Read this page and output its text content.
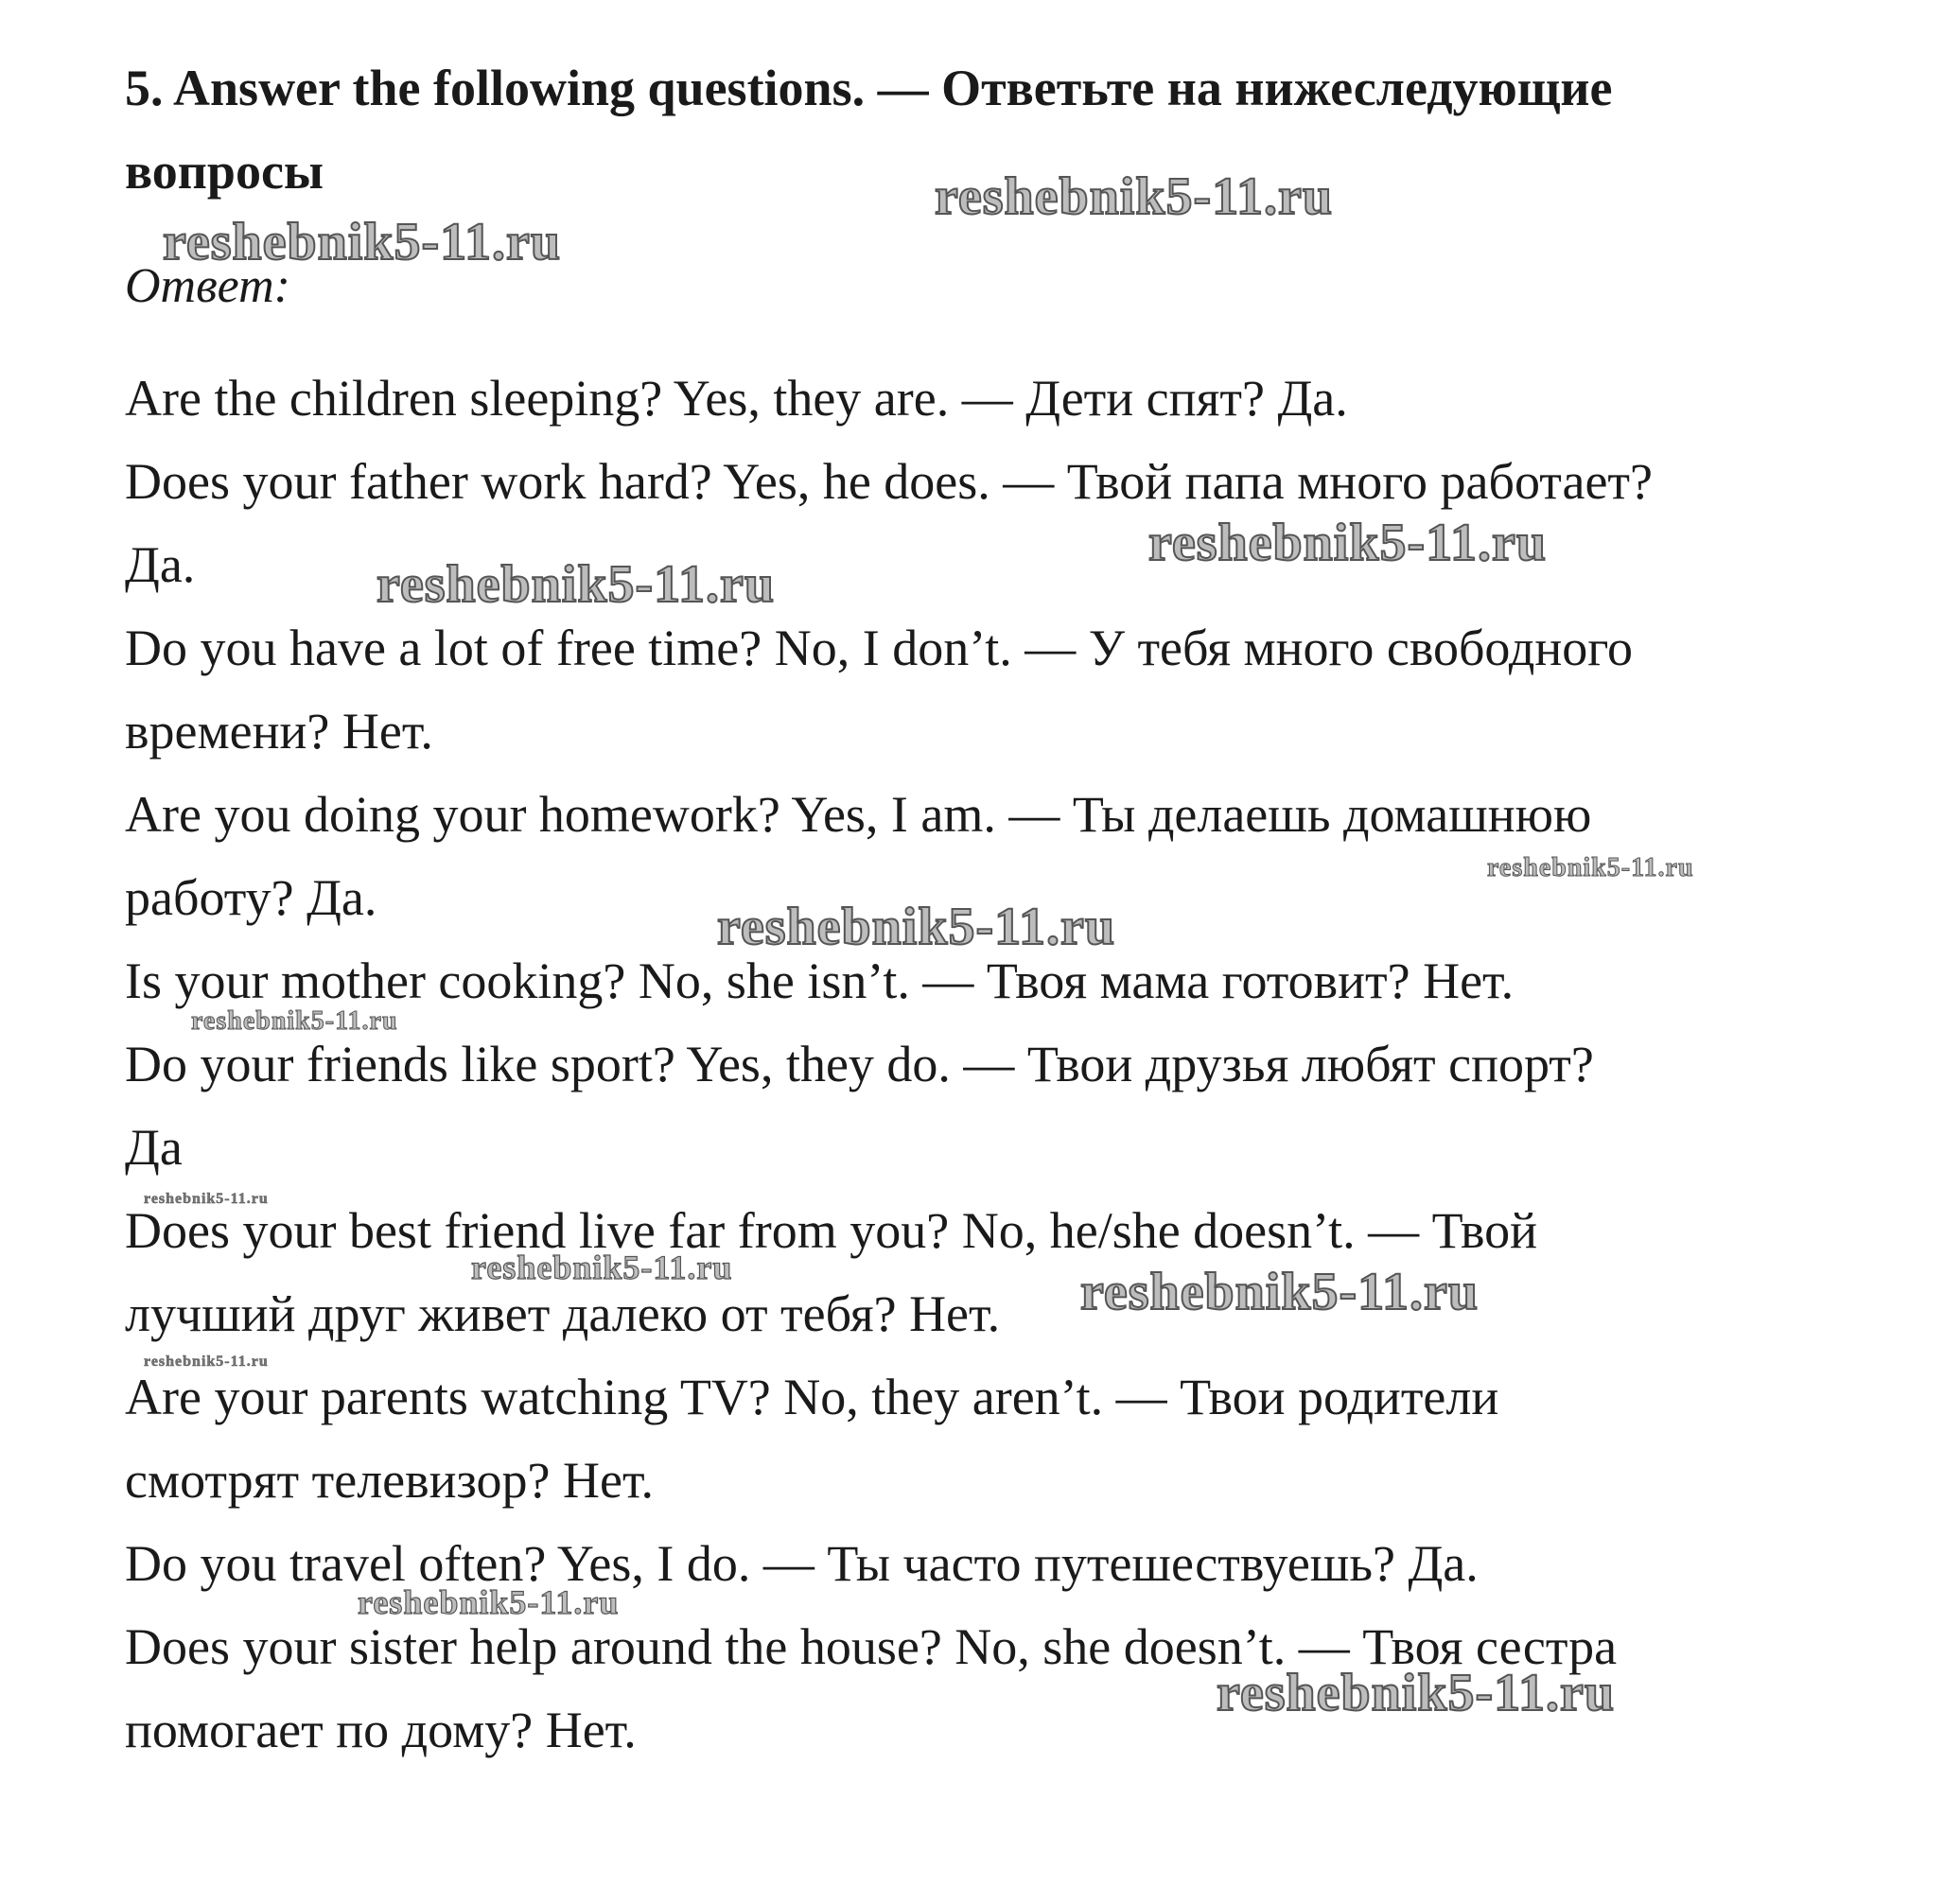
5. Answer the following questions. — Ответьте на нижеследующие
вопросы
Ответ:
Are the children sleeping? Yes, they are. — Дети спят? Да.
Does your father work hard? Yes, he does. — Твой папа много работает?
Да.
Do you have a lot of free time? No, I don’t. — У тебя много свободного
времени? Нет.
Are you doing your homework? Yes, I am. — Ты делаешь домашнюю
работу? Да.
Is your mother cooking? No, she isn’t. — Твоя мама готовит? Нет.
Do your friends like sport? Yes, they do. — Твои друзья любят спорт?
Да
Does your best friend live far from you? No, he/she doesn’t. — Твой
лучший друг живет далеко от тебя? Нет.
Are your parents watching TV? No, they aren’t. — Твои родители
смотрят телевизор? Нет.
Do you travel often? Yes, I do. — Ты часто путешествуешь? Да.
Does your sister help around the house? No, she doesn’t. — Твоя сестра
помогает по дому? Нет.
reshebnik5-11.ru
reshebnik5-11.ru
reshebnik5-11.ru
reshebnik5-11.ru
reshebnik5-11.ru
reshebnik5-11.ru
reshebnik5-11.ru
reshebnik5-11.ru
reshebnik5-11.ru	reshebnik5-11.ru
reshebnik5-11.ru
reshebnik5-11.ru
reshebnik5-11.ru
